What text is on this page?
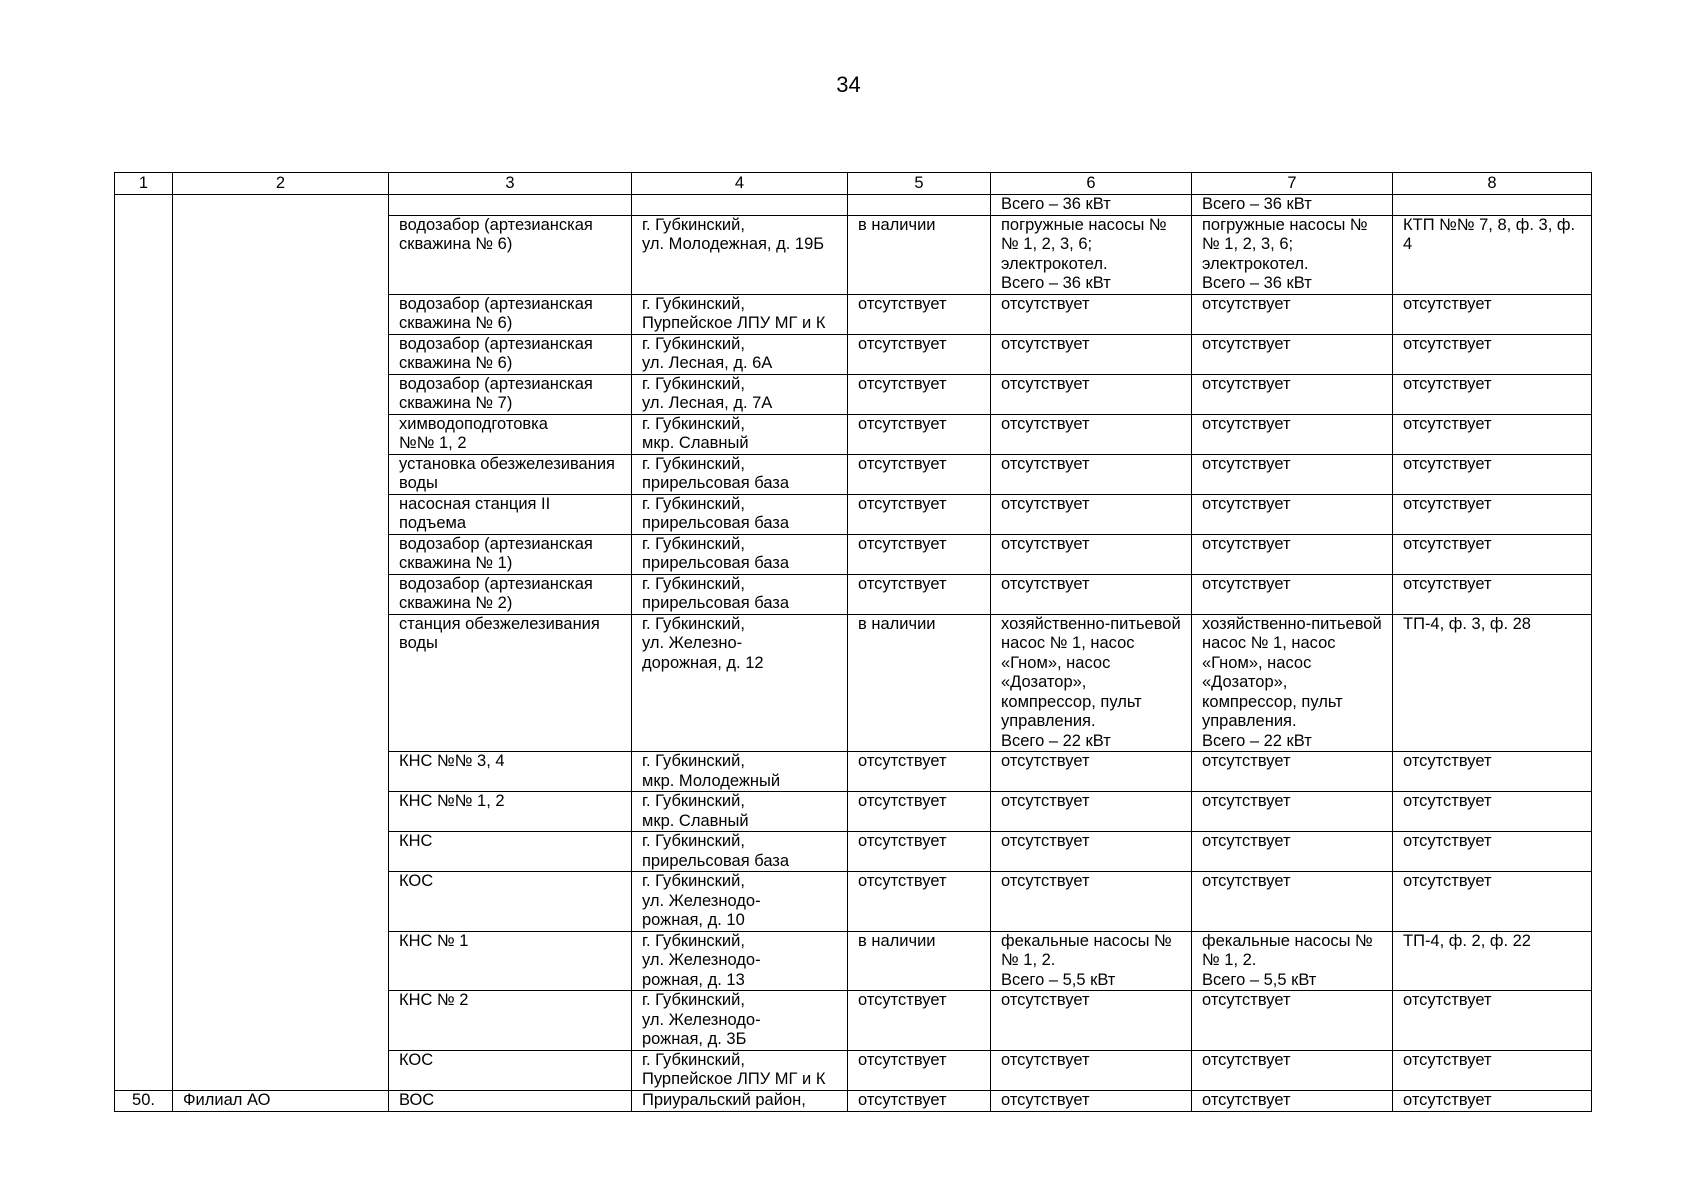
34
1	2	3	4	5	6	7	8
					Всего – 36 кВт	Всего – 36 кВт	
		водозабор (артезианская скважина № 6)	г. Губкинский,
ул. Молодежная, д. 19Б	в наличии	погружные насосы №№ 1, 2, 3, 6;
электрокотел.
Всего – 36 кВт	погружные насосы №№ 1, 2, 3, 6;
электрокотел.
Всего – 36 кВт	КТП №№ 7, 8, ф. 3, ф. 4
		водозабор (артезианская скважина № 6)	г. Губкинский,
Пурпейское ЛПУ МГ и К	отсутствует	отсутствует	отсутствует	отсутствует
		водозабор (артезианская скважина № 6)	г. Губкинский,
ул. Лесная, д. 6А	отсутствует	отсутствует	отсутствует	отсутствует
		водозабор (артезианская скважина № 7)	г. Губкинский,
ул. Лесная, д. 7А	отсутствует	отсутствует	отсутствует	отсутствует
		химводоподготовка
№№ 1, 2	г. Губкинский,
мкр. Славный	отсутствует	отсутствует	отсутствует	отсутствует
		установка обезжелезивания воды	г. Губкинский,
прирельсовая база	отсутствует	отсутствует	отсутствует	отсутствует
		насосная станция II подъема	г. Губкинский,
прирельсовая база	отсутствует	отсутствует	отсутствует	отсутствует
		водозабор (артезианская скважина № 1)	г. Губкинский,
прирельсовая база	отсутствует	отсутствует	отсутствует	отсутствует
		водозабор (артезианская скважина № 2)	г. Губкинский,
прирельсовая база	отсутствует	отсутствует	отсутствует	отсутствует
		станция обезжелезивания воды	г. Губкинский,
ул. Железно-
дорожная, д. 12	в наличии	хозяйственно-питьевой насос № 1, насос «Гном», насос «Дозатор», компрессор, пульт управления.
Всего – 22 кВт	хозяйственно-питьевой насос № 1, насос «Гном», насос «Дозатор», компрессор, пульт управления.
Всего – 22 кВт	ТП-4, ф. 3, ф. 28
		КНС №№ 3, 4	г. Губкинский,
мкр. Молодежный	отсутствует	отсутствует	отсутствует	отсутствует
		КНС №№ 1, 2	г. Губкинский,
мкр. Славный	отсутствует	отсутствует	отсутствует	отсутствует
		КНС	г. Губкинский,
прирельсовая база	отсутствует	отсутствует	отсутствует	отсутствует
		КОС	г. Губкинский,
ул. Железнодо-
рожная, д. 10	отсутствует	отсутствует	отсутствует	отсутствует
		КНС № 1	г. Губкинский,
ул. Железнодо-
рожная, д. 13	в наличии	фекальные насосы №№ 1, 2.
Всего – 5,5 кВт	фекальные насосы №№ 1, 2.
Всего – 5,5 кВт	ТП-4, ф. 2, ф. 22
		КНС № 2	г. Губкинский,
ул. Железнодо-
рожная, д. 3Б	отсутствует	отсутствует	отсутствует	отсутствует
		КОС	г. Губкинский,
Пурпейское ЛПУ МГ и К	отсутствует	отсутствует	отсутствует	отсутствует
50.	Филиал АО	ВОС	Приуральский район,	отсутствует	отсутствует	отсутствует	отсутствует
